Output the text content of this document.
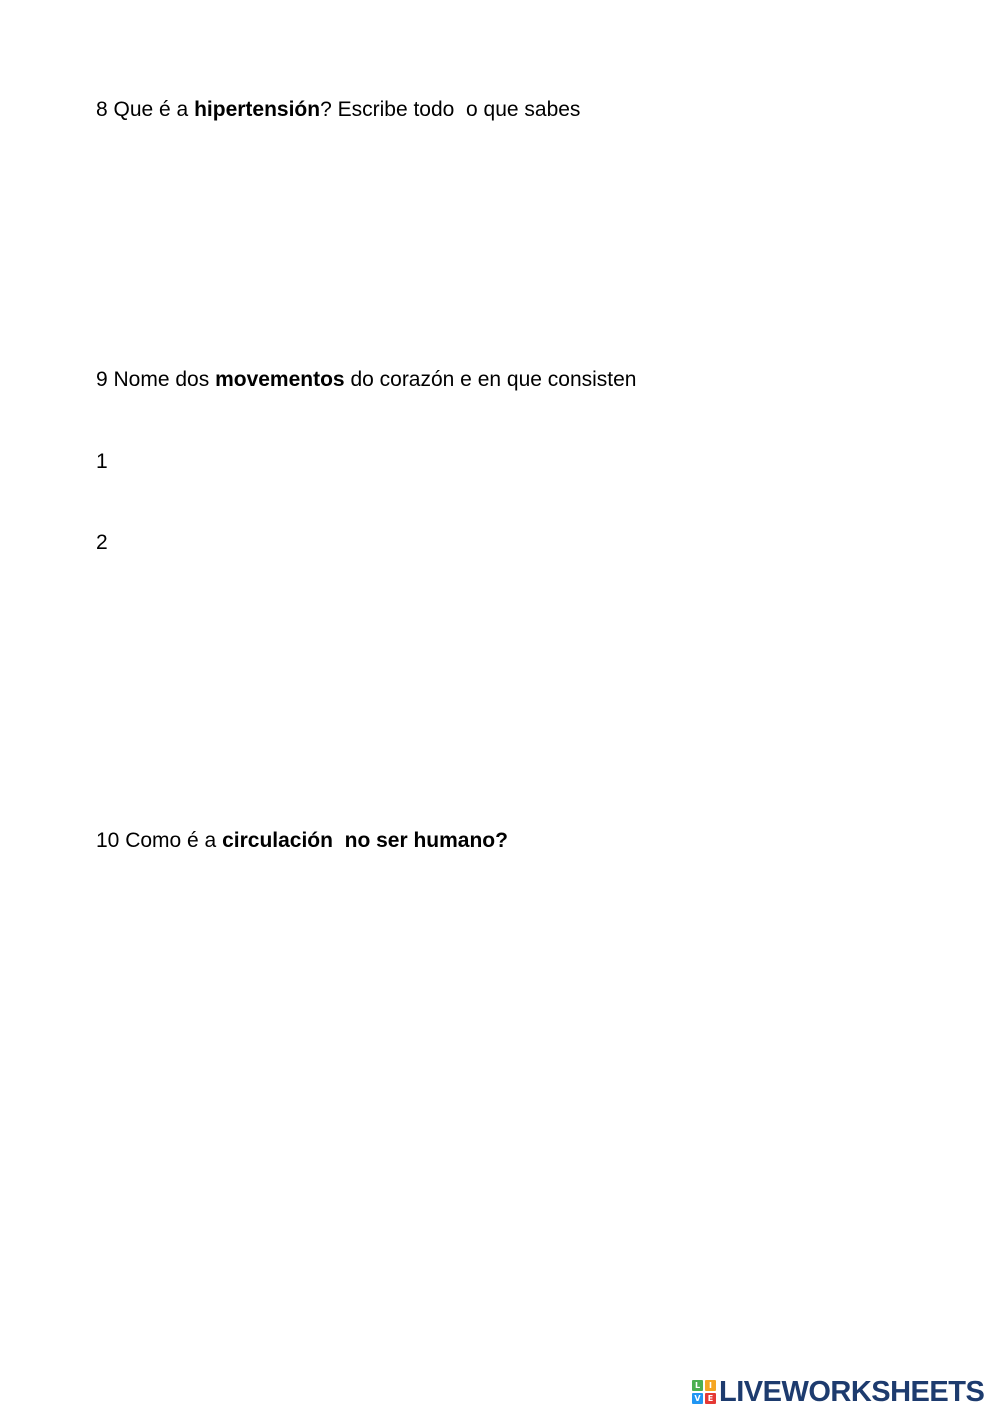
8 Que é a hipertensión? Escribe todo  o que sabes
9 Nome dos movementos do corazón e en que consisten
1
2
10 Como é a circulación  no ser humano?
L	I
V E LIVEWORKSHEETS
